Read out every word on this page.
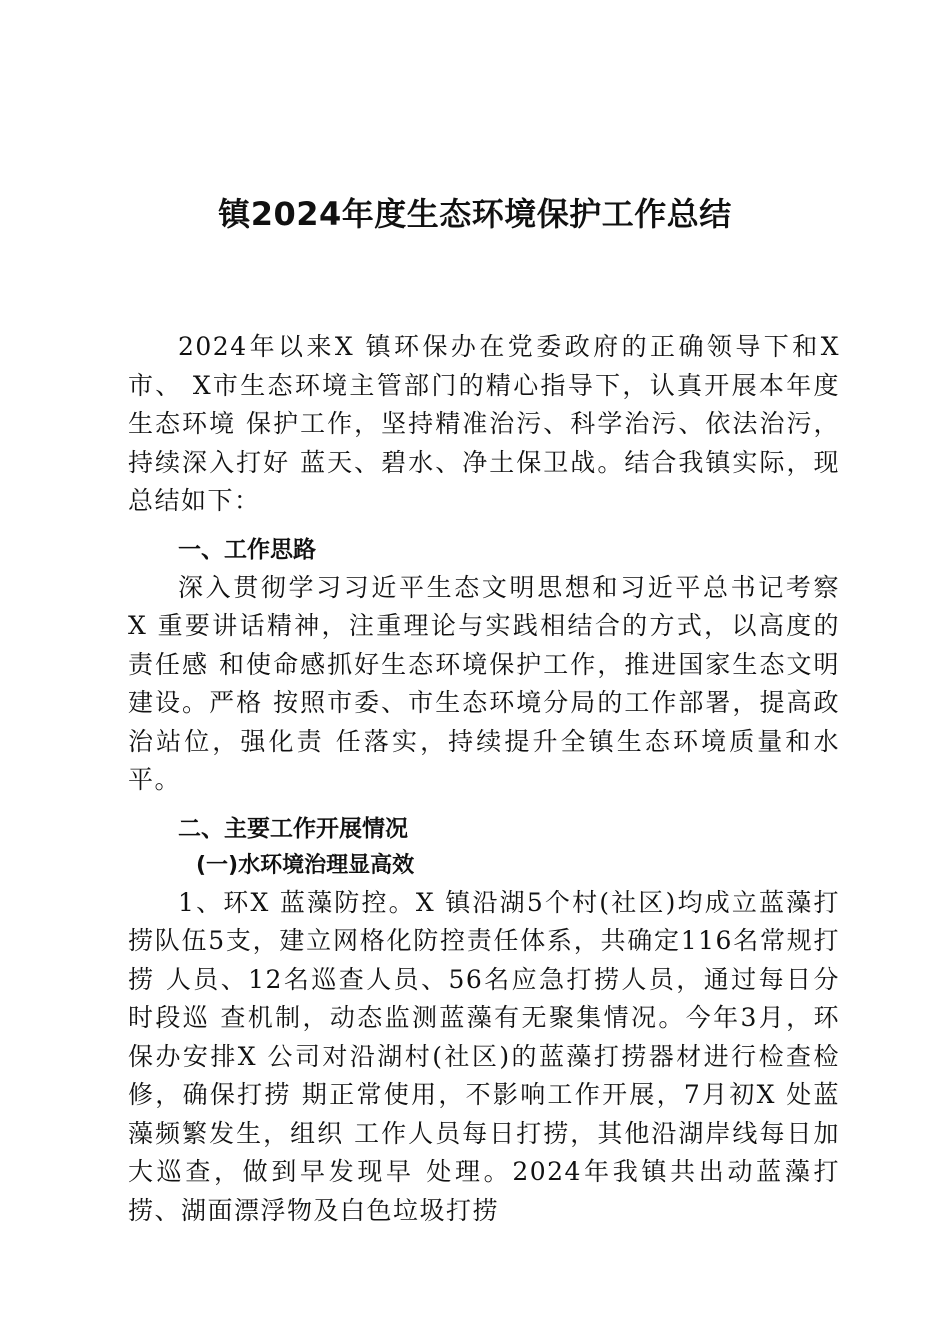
镇2024年度生态环境保护工作总结

2024年以来X 镇环保办在党委政府的正确领导下和X市、 X市生态环境主管部门的精心指导下，认真开展本年度生态环境 保护工作，坚持精准治污、科学治污、依法治污，持续深入打好 蓝天、碧水、净土保卫战。结合我镇实际，现总结如下：

一、工作思路

深入贯彻学习习近平生态文明思想和习近平总书记考察 X 重要讲话精神，注重理论与实践相结合的方式，以高度的责任感 和使命感抓好生态环境保护工作，推进国家生态文明建设。严格 按照市委、市生态环境分局的工作部署，提高政治站位，强化责 任落实，持续提升全镇生态环境质量和水平。

二、主要工作开展情况
(一)水环境治理显高效

1、环X 蓝藻防控。X 镇沿湖5个村(社区)均成立蓝藻打 捞队伍5支，建立网格化防控责任体系，共确定116名常规打捞 人员、12名巡查人员、56名应急打捞人员，通过每日分时段巡 查机制，动态监测蓝藻有无聚集情况。今年3月，环保办安排X 公司对沿湖村(社区)的蓝藻打捞器材进行检查检修，确保打捞 期正常使用，不影响工作开展，7月初X 处蓝藻频繁发生，组织 工作人员每日打捞，其他沿湖岸线每日加大巡查，做到早发现早 处理。2024年我镇共出动蓝藻打捞、湖面漂浮物及白色垃圾打捞
